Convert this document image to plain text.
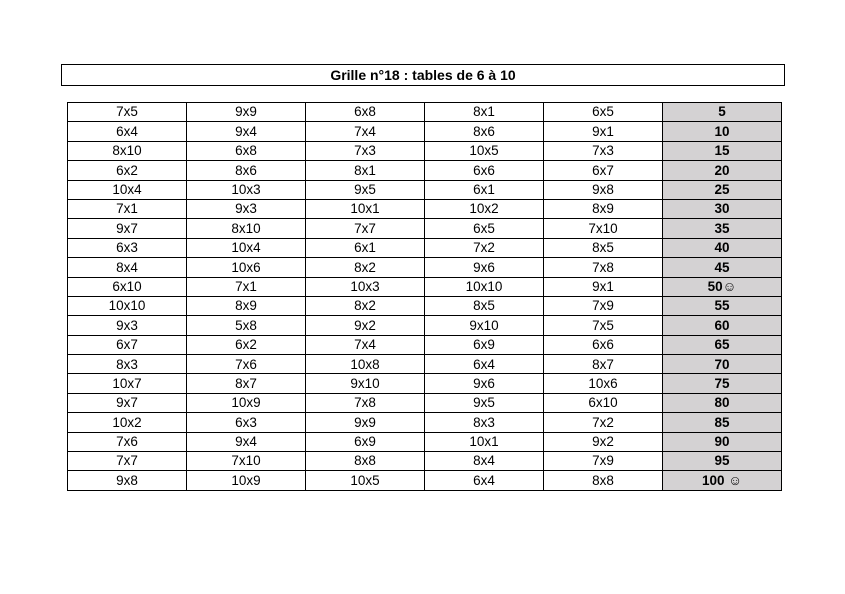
Grille n°18 : tables de 6 à 10
7x5	9x9	6x8	8x1	6x5	5
6x4	9x4	7x4	8x6	9x1	10
8x10	6x8	7x3	10x5	7x3	15
6x2	8x6	8x1	6x6	6x7	20
10x4	10x3	9x5	6x1	9x8	25
7x1	9x3	10x1	10x2	8x9	30
9x7	8x10	7x7	6x5	7x10	35
6x3	10x4	6x1	7x2	8x5	40
8x4	10x6	8x2	9x6	7x8	45
6x10	7x1	10x3	10x10	9x1	50☺
10x10	8x9	8x2	8x5	7x9	55
9x3	5x8	9x2	9x10	7x5	60
6x7	6x2	7x4	6x9	6x6	65
8x3	7x6	10x8	6x4	8x7	70
10x7	8x7	9x10	9x6	10x6	75
9x7	10x9	7x8	9x5	6x10	80
10x2	6x3	9x9	8x3	7x2	85
7x6	9x4	6x9	10x1	9x2	90
7x7	7x10	8x8	8x4	7x9	95
9x8	10x9	10x5	6x4	8x8	100 ☺
